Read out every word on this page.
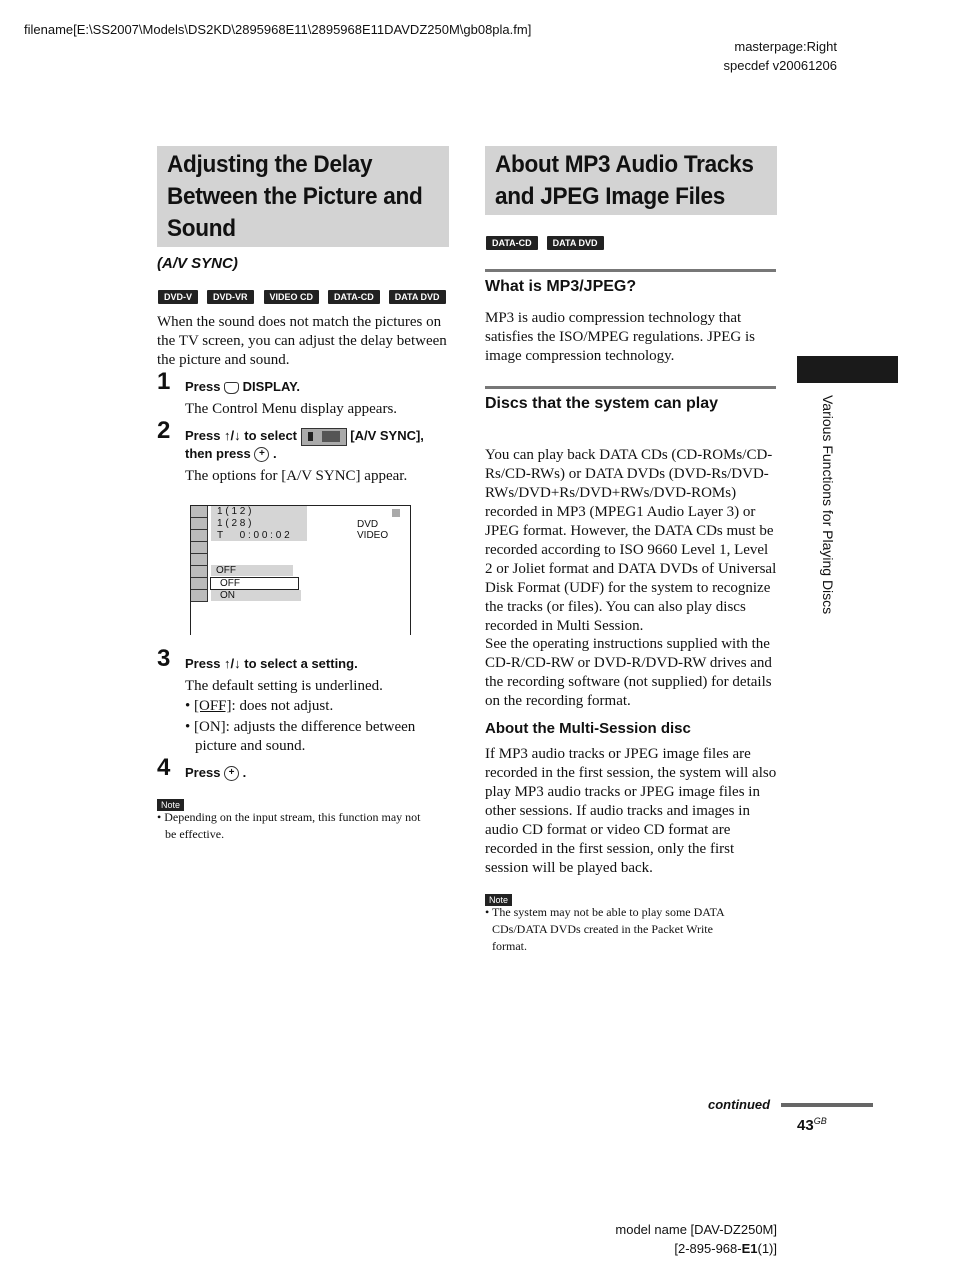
filename[E:\SS2007\Models\DS2KD\2895968E11\2895968E11DAVDZ250M\gb08pla.fm]
masterpage:Right
specdef v20061206
Adjusting the Delay
Between the Picture and
Sound
(A/V SYNC)
DVD-V DVD-VR VIDEO CD DATA-CD DATA DVD
When the sound does not match the pictures on the TV screen, you can adjust the delay between the picture and sound.
1 Press DISPLAY.
The Control Menu display appears.
2 Press ↑/↓ to select	[A/V SYNC],
then press + .
The options for [A/V SYNC] appear.
1 ( 1 2 )
1 ( 2 8 )
T      0 : 0 0 : 0 2
DVD VIDEO
OFF
OFF
ON
3 Press ↑/↓ to select a setting.
The default setting is underlined.
• [OFF]: does not adjust.
• [ON]: adjusts the difference between
picture and sound.
4 Press + .
Note
• Depending on the input stream, this function may not
be effective.
About MP3 Audio Tracks
and JPEG Image Files
DATA-CD DATA DVD
What is MP3/JPEG?
MP3 is audio compression technology that satisfies the ISO/MPEG regulations. JPEG is image compression technology.
Discs that the system can play
You can play back DATA CDs (CD-ROMs/CD-Rs/CD-RWs) or DATA DVDs (DVD-Rs/DVD-RWs/DVD+Rs/DVD+RWs/DVD-ROMs) recorded in MP3 (MPEG1 Audio Layer 3) or JPEG format. However, the DATA CDs must be recorded according to ISO 9660 Level 1, Level 2 or Joliet format and DATA DVDs of Universal Disk Format (UDF) for the system to recognize the tracks (or files). You can also play discs recorded in Multi Session.
See the operating instructions supplied with the CD-R/CD-RW or DVD-R/DVD-RW drives and the recording software (not supplied) for details on the recording format.
About the Multi-Session disc
If MP3 audio tracks or JPEG image files are recorded in the first session, the system will also play MP3 audio tracks or JPEG image files in other sessions. If audio tracks and images in audio CD format or video CD format are recorded in the first session, only the first session will be played back.
Note
• The system may not be able to play some DATA
CDs/DATA DVDs created in the Packet Write
format.
Various Functions for Playing Discs
continued
$43^{GB}$
model name [DAV-DZ250M]
[2-895-968-E1(1)]
